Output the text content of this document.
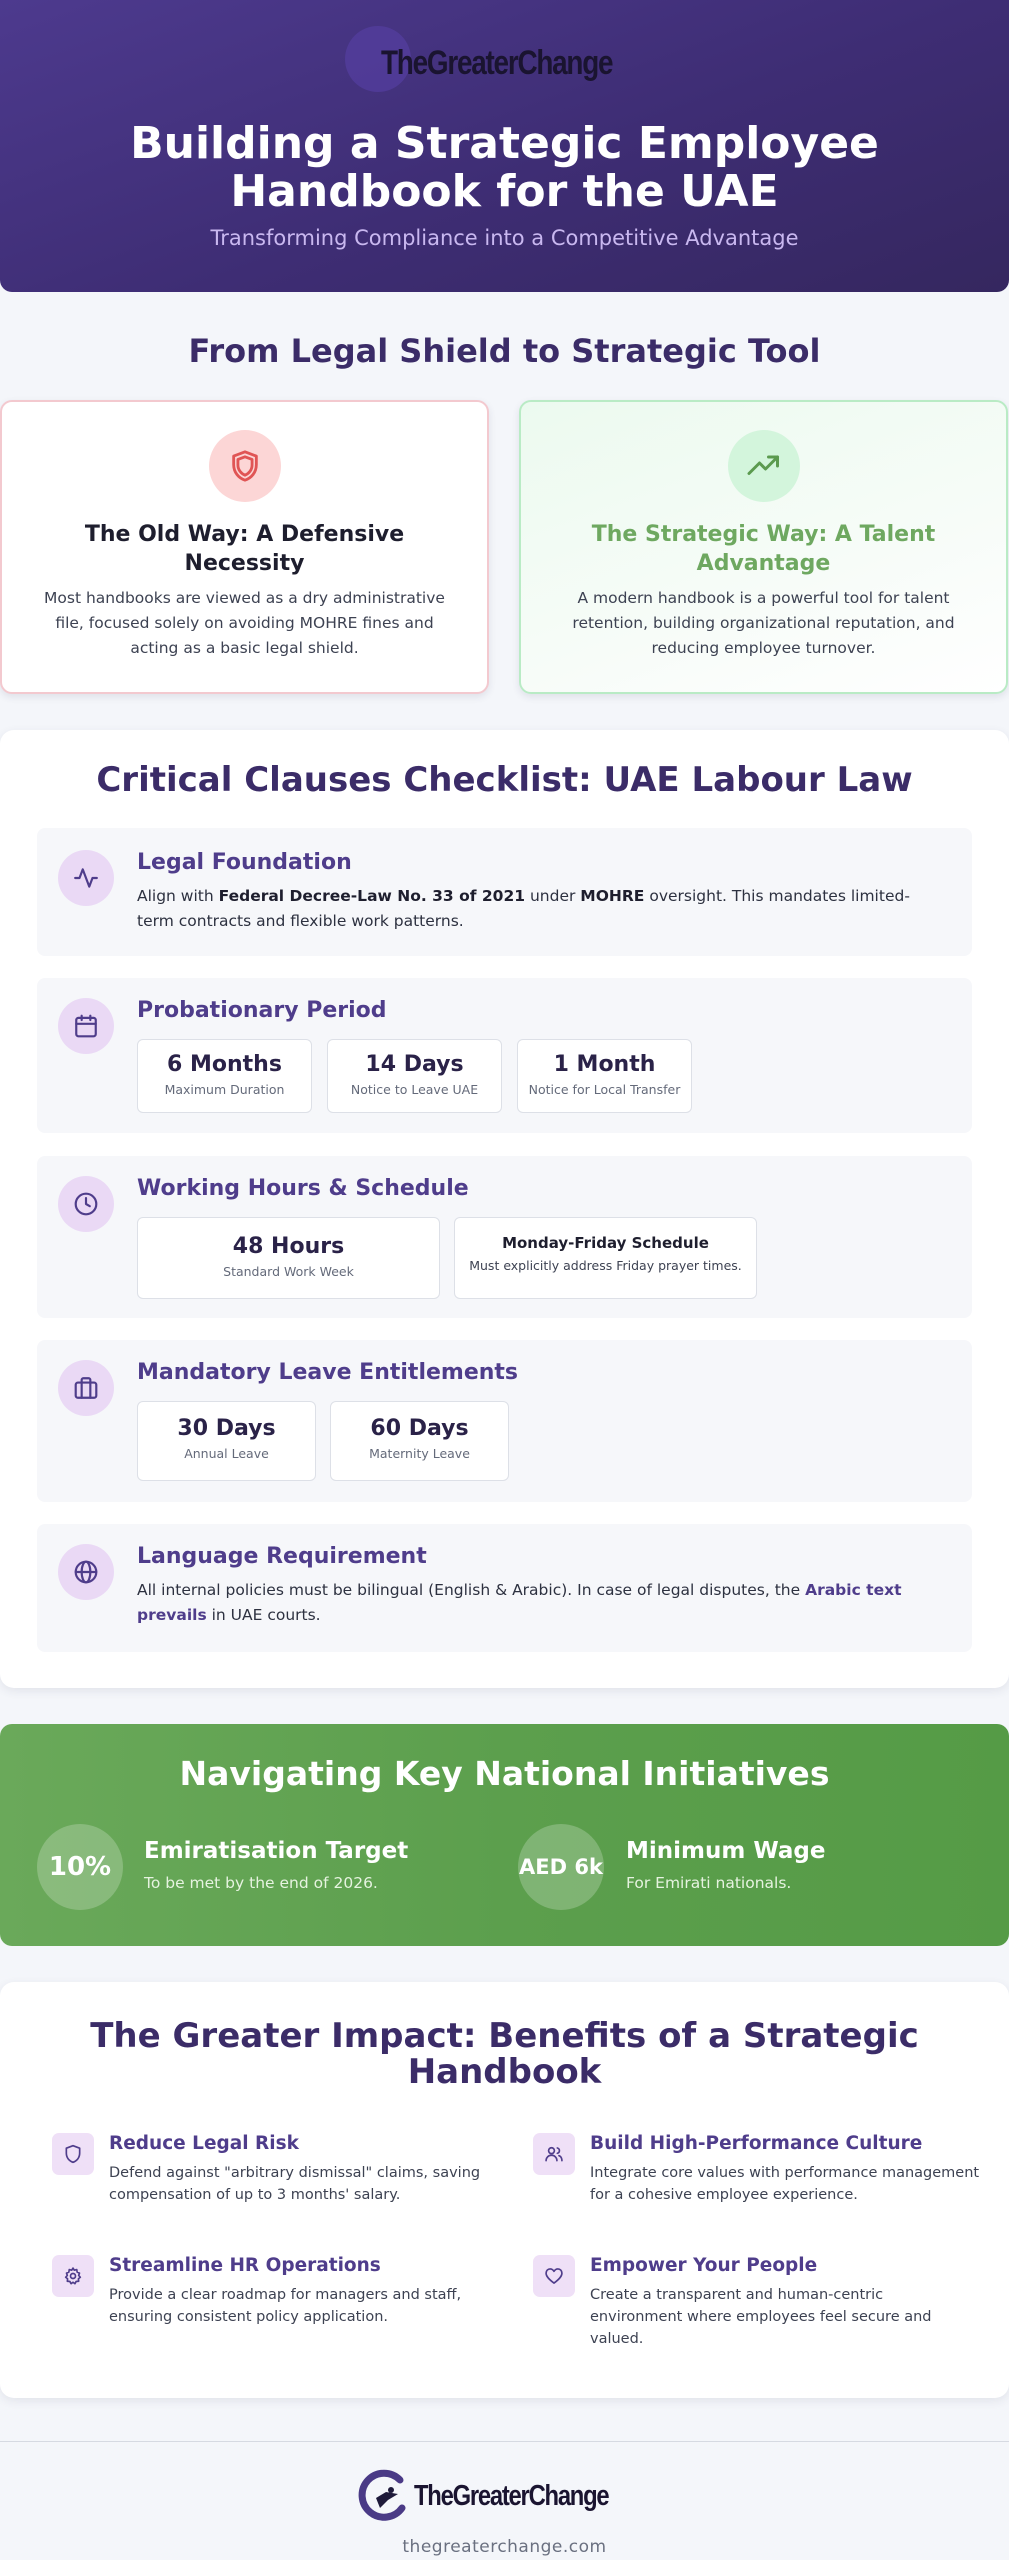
TheGreaterChange
Building a Strategic Employee
Handbook for the UAE
Transforming Compliance into a Competitive Advantage
From Legal Shield to Strategic Tool
The Old Way: A Defensive Necessity

Most handbooks are viewed as a dry administrative file, focused solely on avoiding MOHRE fines and acting as a basic legal shield.

The Strategic Way: A Talent Advantage

A modern handbook is a powerful tool for talent retention, building organizational reputation, and reducing employee turnover.

Critical Clauses Checklist: UAE Labour Law
Legal Foundation

Align with Federal Decree-Law No. 33 of 2021 under MOHRE oversight. This mandates limited-term contracts and flexible work patterns.

Probationary Period
6 Months
Maximum Duration
14 Days
Notice to Leave UAE
1 Month
Notice for Local Transfer
Working Hours & Schedule
48 Hours
Standard Work Week
Monday-Friday Schedule
Must explicitly address Friday prayer times.
Mandatory Leave Entitlements
30 Days
Annual Leave
60 Days
Maternity Leave
Language Requirement

All internal policies must be bilingual (English & Arabic). In case of legal disputes, the Arabic text prevails in UAE courts.

Navigating Key National Initiatives
10%
Emiratisation Target
To be met by the end of 2026.
AED 6k
Minimum Wage
For Emirati nationals.
The Greater Impact: Benefits of a Strategic Handbook
Reduce Legal Risk

Defend against "arbitrary dismissal" claims, saving compensation of up to 3 months' salary.

Build High-Performance Culture

Integrate core values with performance management for a cohesive employee experience.

Streamline HR Operations

Provide a clear roadmap for managers and staff, ensuring consistent policy application.

Empower Your People

Create a transparent and human-centric environment where employees feel secure and valued.

TheGreaterChange
thegreaterchange.com
